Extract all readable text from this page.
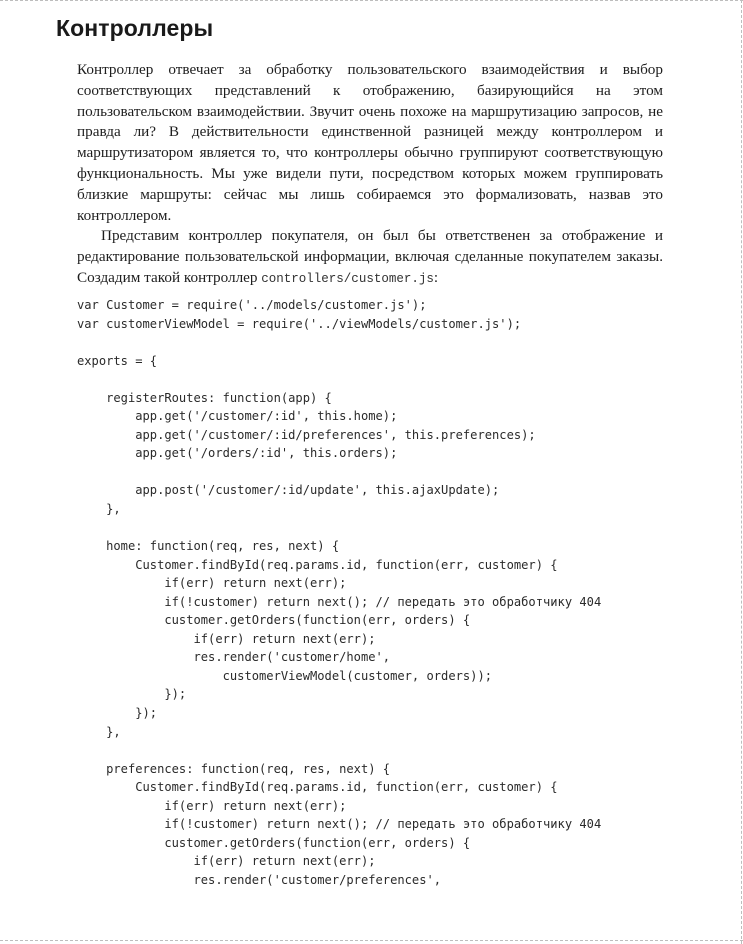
Контроллеры

Контроллер отвечает за обработку пользовательского взаимодействия и выбор соответствующих представлений к отображению, базирующийся на этом пользовательском взаимодействии. Звучит очень похоже на маршрутизацию запросов, не правда ли? В действительности единственной разницей между контроллером и маршрутизатором является то, что контроллеры обычно группируют соответствующую функциональность. Мы уже видели пути, посредством которых можем группировать близкие маршруты: сейчас мы лишь собираемся это формализовать, назвав это контроллером.

Представим контроллер покупателя, он был бы ответственен за отображение и редактирование пользовательской информации, включая сделанные покупателем заказы. Создадим такой контроллер controllers/customer.js:

var Customer = require('../models/customer.js');
var customerViewModel = require('../viewModels/customer.js');
exports = {
registerRoutes: function(app) {
app.get('/customer/:id', this.home);
app.get('/customer/:id/preferences', this.preferences);
app.get('/orders/:id', this.orders);
app.post('/customer/:id/update', this.ajaxUpdate);
},
home: function(req, res, next) {
Customer.findById(req.params.id, function(err, customer) {
if(err) return next(err);
if(!customer) return next(); // передать это обработчику 404
customer.getOrders(function(err, orders) {
if(err) return next(err);
res.render('customer/home',
customerViewModel(customer, orders));
});
});
},
preferences: function(req, res, next) {
Customer.findById(req.params.id, function(err, customer) {
if(err) return next(err);
if(!customer) return next(); // передать это обработчику 404
customer.getOrders(function(err, orders) {
if(err) return next(err);
res.render('customer/preferences',
